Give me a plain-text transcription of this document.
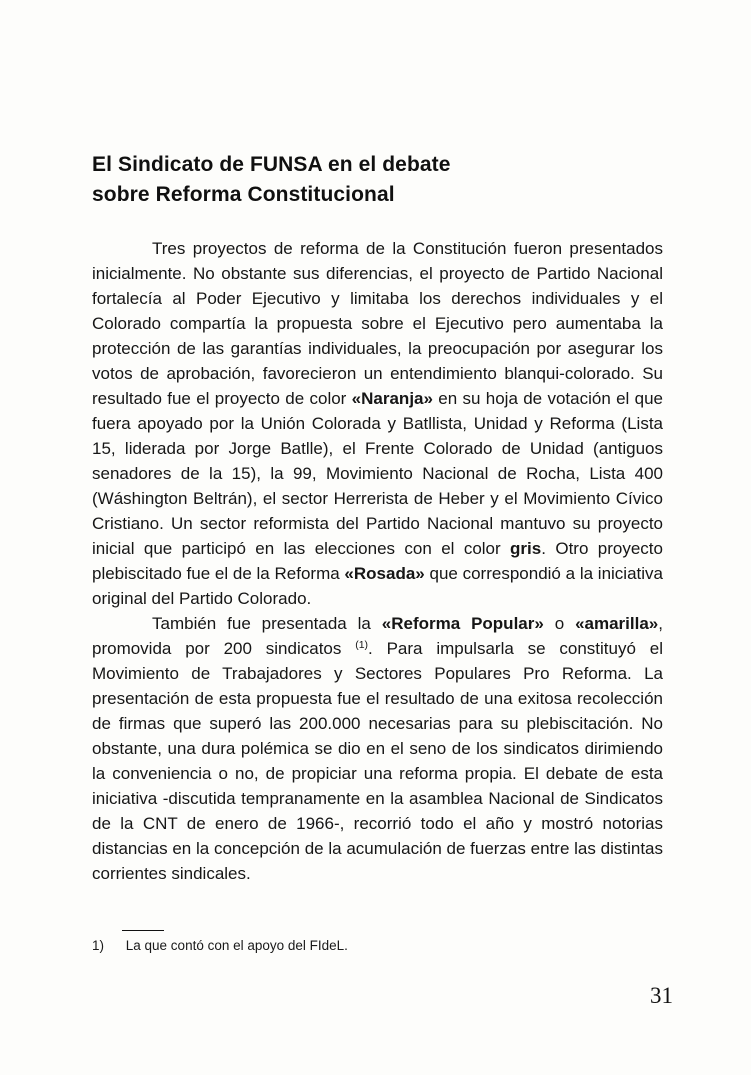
El Sindicato de FUNSA en el debate
sobre Reforma Constitucional

Tres proyectos de reforma de la Constitución fueron presentados inicialmente. No obstante sus diferencias, el proyecto de Partido Nacional fortalecía al Poder Ejecutivo y limitaba los derechos individuales y el Colorado compartía la propuesta sobre el Ejecutivo pero aumentaba la protección de las garantías individuales, la preocupación por asegurar los votos de aprobación, favorecieron un entendimiento blanqui-colorado. Su resultado fue el proyecto de color «Naranja» en su hoja de votación el que fuera apoyado por la Unión Colorada y Batllista, Unidad y Reforma (Lista 15, liderada por Jorge Batlle), el Frente Colorado de Unidad (antiguos senadores de la 15), la 99, Movimiento Nacional de Rocha, Lista 400 (Wáshington Beltrán), el sector Herrerista de Heber y el Movimiento Cívico Cristiano. Un sector reformista del Partido Nacional mantuvo su proyecto inicial que participó en las elecciones con el color gris. Otro proyecto plebiscitado fue el de la Reforma «Rosada» que correspondió a la iniciativa original del Partido Colorado.

También fue presentada la «Reforma Popular» o «amarilla», promovida por 200 sindicatos $^{(1)}$. Para impulsarla se constituyó el Movimiento de Trabajadores y Sectores Populares Pro Reforma. La presentación de esta propuesta fue el resultado de una exitosa recolección de firmas que superó las 200.000 necesarias para su plebiscitación. No obstante, una dura polémica se dio en el seno de los sindicatos dirimiendo la conveniencia o no, de propiciar una reforma propia. El debate de esta iniciativa -discutida tempranamente en la asamblea Nacional de Sindicatos de la CNT de enero de 1966-, recorrió todo el año y mostró notorias distancias en la concepción de la acumulación de fuerzas entre las distintas corrientes sindicales.

1) La que contó con el apoyo del FIdeL.
31
